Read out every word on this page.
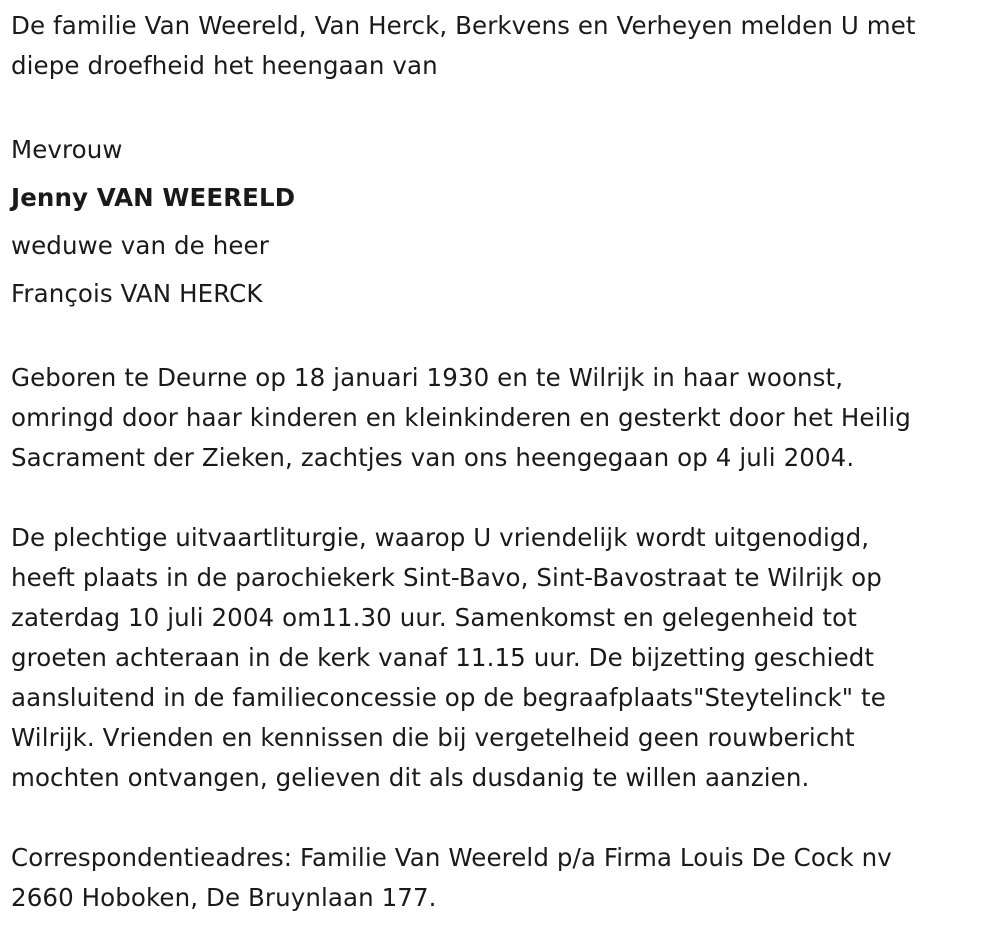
De familie Van Weereld, Van Herck, Berkvens en Verheyen melden U met
diepe droefheid het heengaan van

Mevrouw
Jenny VAN WEERELD
weduwe van de heer
François VAN HERCK

Geboren te Deurne op 18 januari 1930 en te Wilrijk in haar woonst,
omringd door haar kinderen en kleinkinderen en gesterkt door het Heilig
Sacrament der Zieken, zachtjes van ons heengegaan op 4 juli 2004.

De plechtige uitvaartliturgie, waarop U vriendelijk wordt uitgenodigd,
heeft plaats in de parochiekerk Sint-Bavo, Sint-Bavostraat te Wilrijk op
zaterdag 10 juli 2004 om11.30 uur. Samenkomst en gelegenheid tot
groeten achteraan in de kerk vanaf 11.15 uur. De bijzetting geschiedt
aansluitend in de familieconcessie op de begraafplaats"Steytelinck" te
Wilrijk. Vrienden en kennissen die bij vergetelheid geen rouwbericht
mochten ontvangen, gelieven dit als dusdanig te willen aanzien.

Correspondentieadres: Familie Van Weereld p/a Firma Louis De Cock nv
2660 Hoboken, De Bruynlaan 177.
